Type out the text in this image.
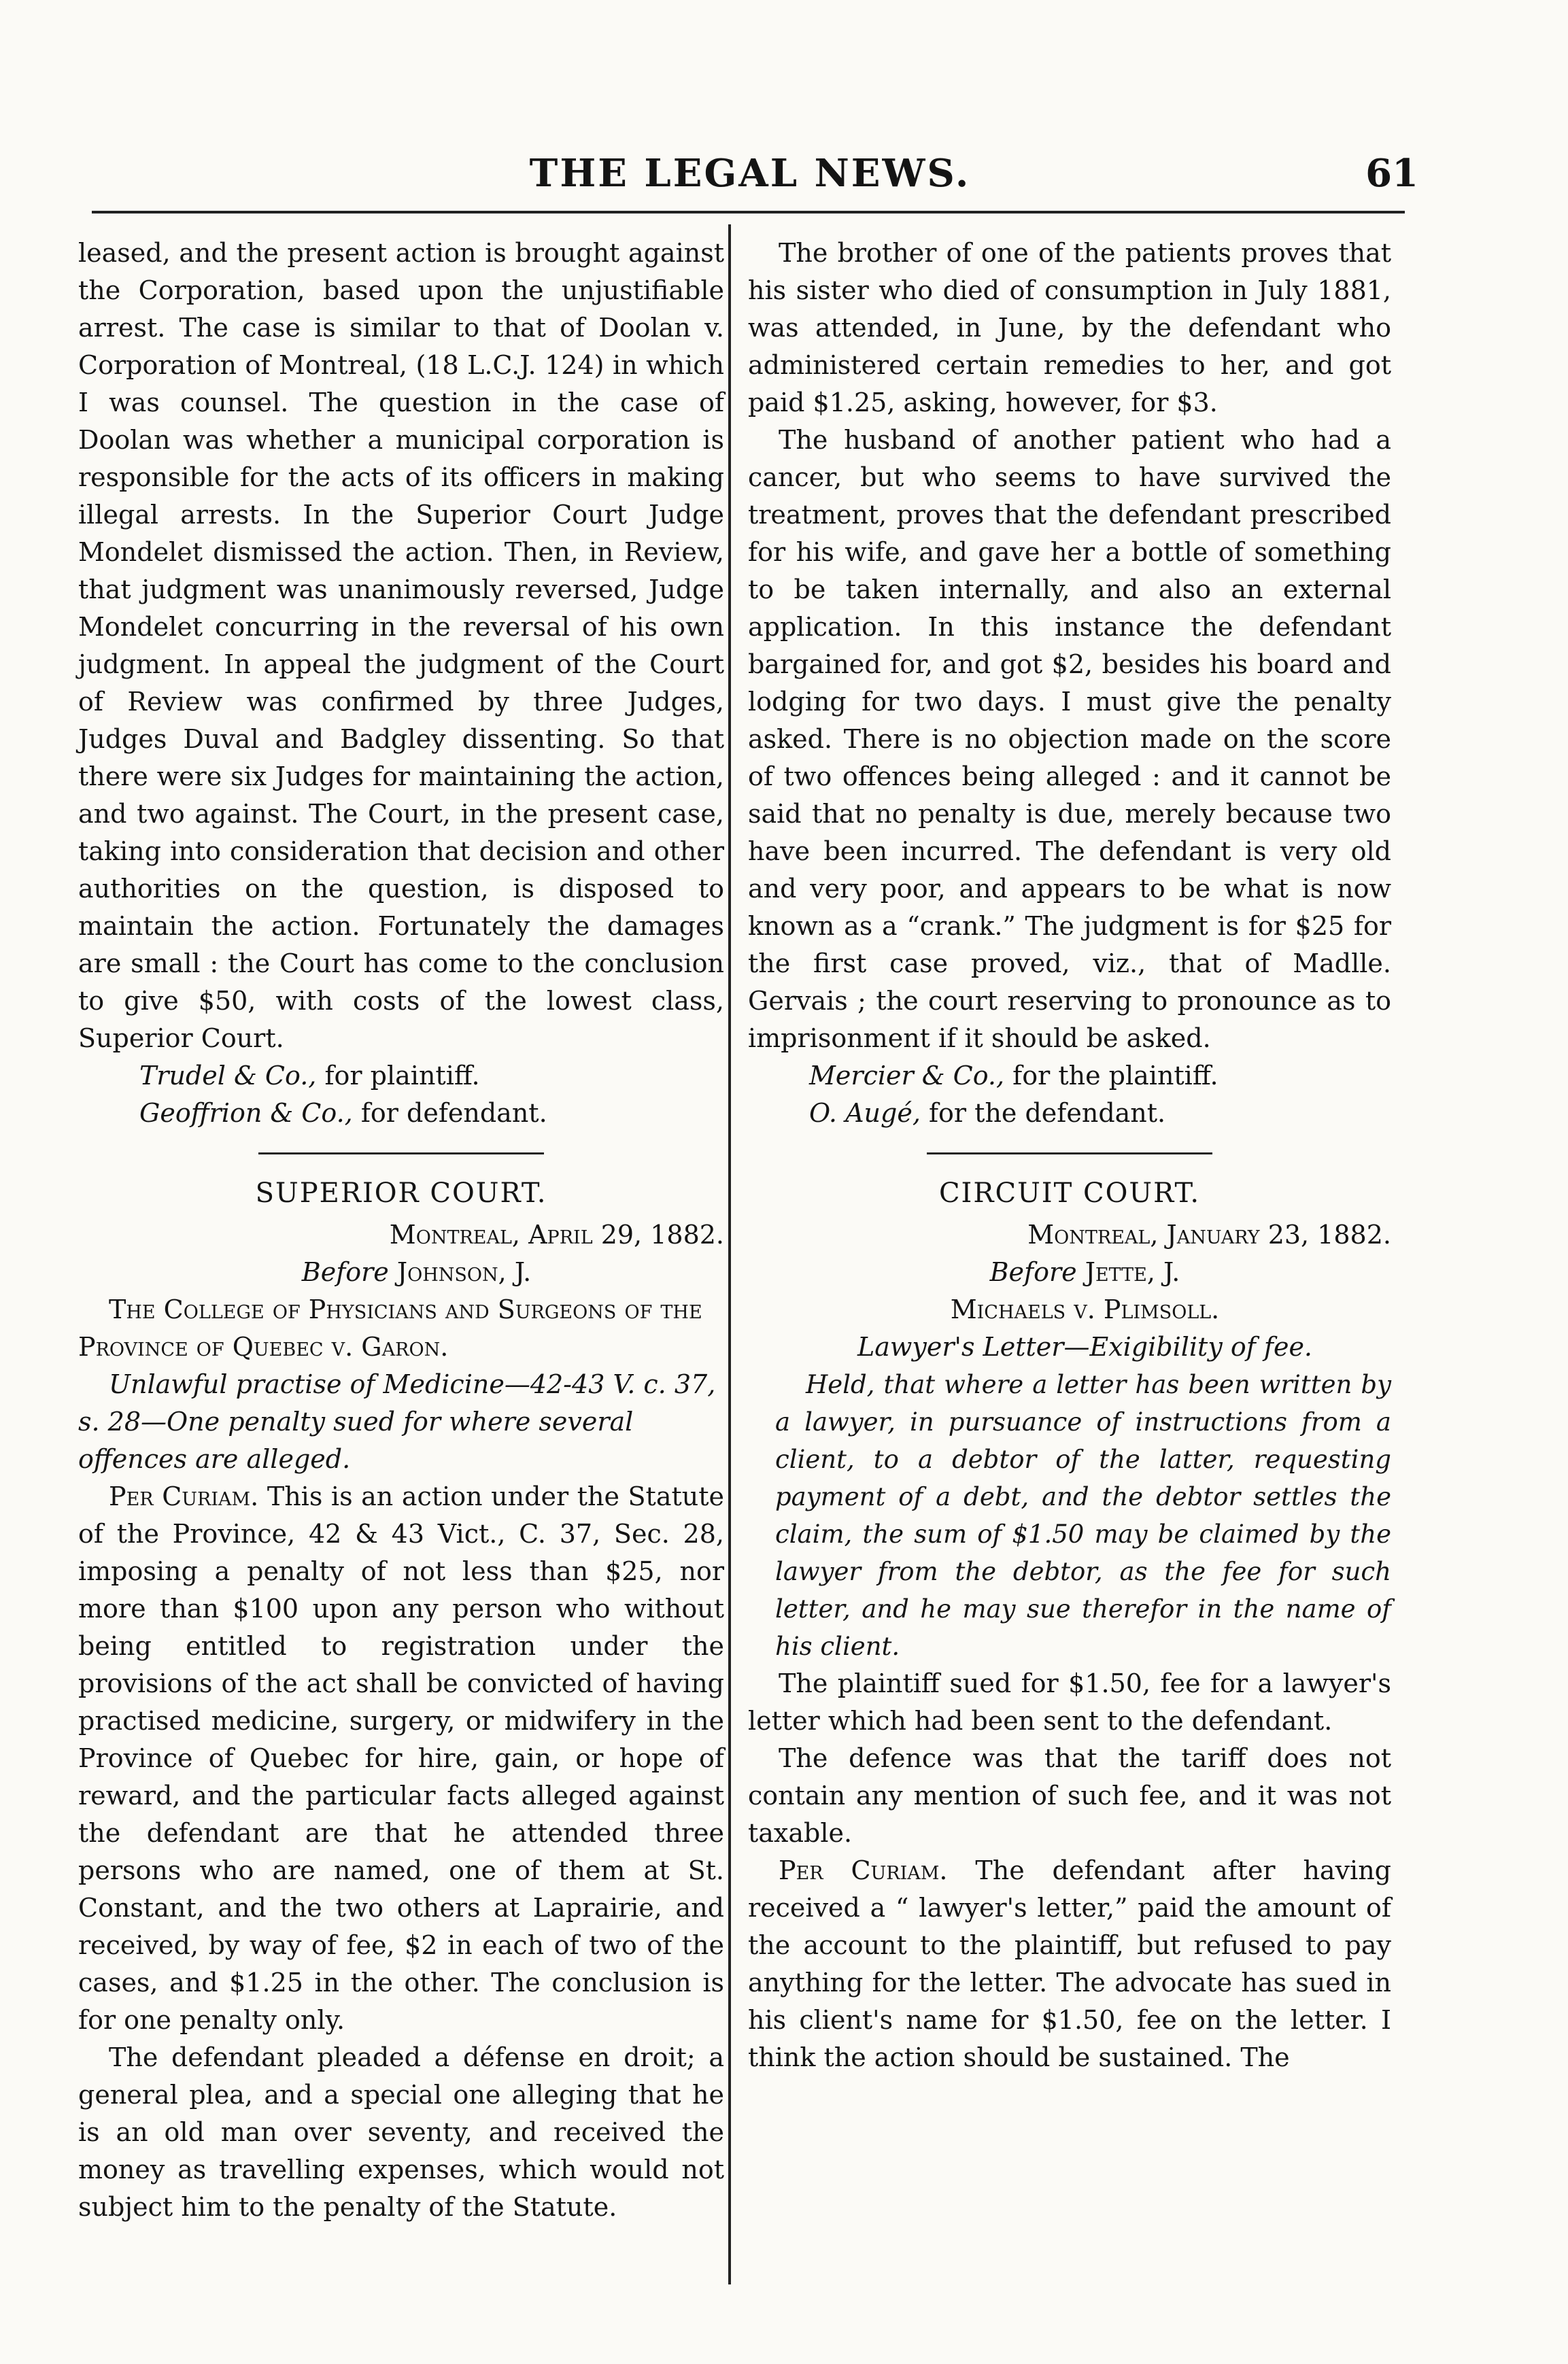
THE LEGAL NEWS.	61

leased, and the present action is brought against the Corporation, based upon the unjustifiable arrest. The case is similar to that of Doolan v. Corporation of Montreal, (18 L.C.J. 124) in which I was counsel. The question in the case of Doolan was whether a municipal corporation is responsible for the acts of its officers in making illegal arrests. In the Superior Court Judge Mondelet dismissed the action. Then, in Review, that judgment was unanimously reversed, Judge Mondelet concurring in the reversal of his own judgment. In appeal the judgment of the Court of Review was confirmed by three Judges, Judges Duval and Badgley dissenting. So that there were six Judges for maintaining the action, and two against. The Court, in the present case, taking into consideration that decision and other authorities on the question, is disposed to maintain the action. Fortunately the damages are small : the Court has come to the conclusion to give $50, with costs of the lowest class, Superior Court.

Trudel & Co., for plaintiff.

Geoffrion & Co., for defendant.

SUPERIOR COURT.

Montreal, April 29, 1882.

Before Johnson, J.

The College of Physicians and Surgeons of the Province of Quebec v. Garon.

Unlawful practise of Medicine—42-43 V. c. 37, s. 28—One penalty sued for where several offences are alleged.

Per Curiam. This is an action under the Statute of the Province, 42 & 43 Vict., C. 37, Sec. 28, imposing a penalty of not less than $25, nor more than $100 upon any person who without being entitled to registration under the provisions of the act shall be convicted of having practised medicine, surgery, or midwifery in the Province of Quebec for hire, gain, or hope of reward, and the particular facts alleged against the defendant are that he attended three persons who are named, one of them at St. Constant, and the two others at Laprairie, and received, by way of fee, $2 in each of two of the cases, and $1.25 in the other. The conclusion is for one penalty only.

The defendant pleaded a défense en droit; a general plea, and a special one alleging that he is an old man over seventy, and received the money as travelling expenses, which would not subject him to the penalty of the Statute.

The brother of one of the patients proves that his sister who died of consumption in July 1881, was attended, in June, by the defendant who administered certain remedies to her, and got paid $1.25, asking, however, for $3.

The husband of another patient who had a cancer, but who seems to have survived the treatment, proves that the defendant prescribed for his wife, and gave her a bottle of something to be taken internally, and also an external application. In this instance the defendant bargained for, and got $2, besides his board and lodging for two days. I must give the penalty asked. There is no objection made on the score of two offences being alleged : and it cannot be said that no penalty is due, merely because two have been incurred. The defendant is very old and very poor, and appears to be what is now known as a “crank.” The judgment is for $25 for the first case proved, viz., that of Madlle. Gervais ; the court reserving to pronounce as to imprisonment if it should be asked.

Mercier & Co., for the plaintiff.

O. Augé, for the defendant.

CIRCUIT COURT.

Montreal, January 23, 1882.

Before Jette, J.

Michaels v. Plimsoll.

Lawyer's Letter—Exigibility of fee.

Held, that where a letter has been written by a lawyer, in pursuance of instructions from a client, to a debtor of the latter, requesting payment of a debt, and the debtor settles the claim, the sum of $1.50 may be claimed by the lawyer from the debtor, as the fee for such letter, and he may sue therefor in the name of his client.

The plaintiff sued for $1.50, fee for a lawyer's letter which had been sent to the defendant.

The defence was that the tariff does not contain any mention of such fee, and it was not taxable.

Per Curiam. The defendant after having received a “ lawyer's letter,” paid the amount of the account to the plaintiff, but refused to pay anything for the letter. The advocate has sued in his client's name for $1.50, fee on the letter. I think the action should be sustained. The
